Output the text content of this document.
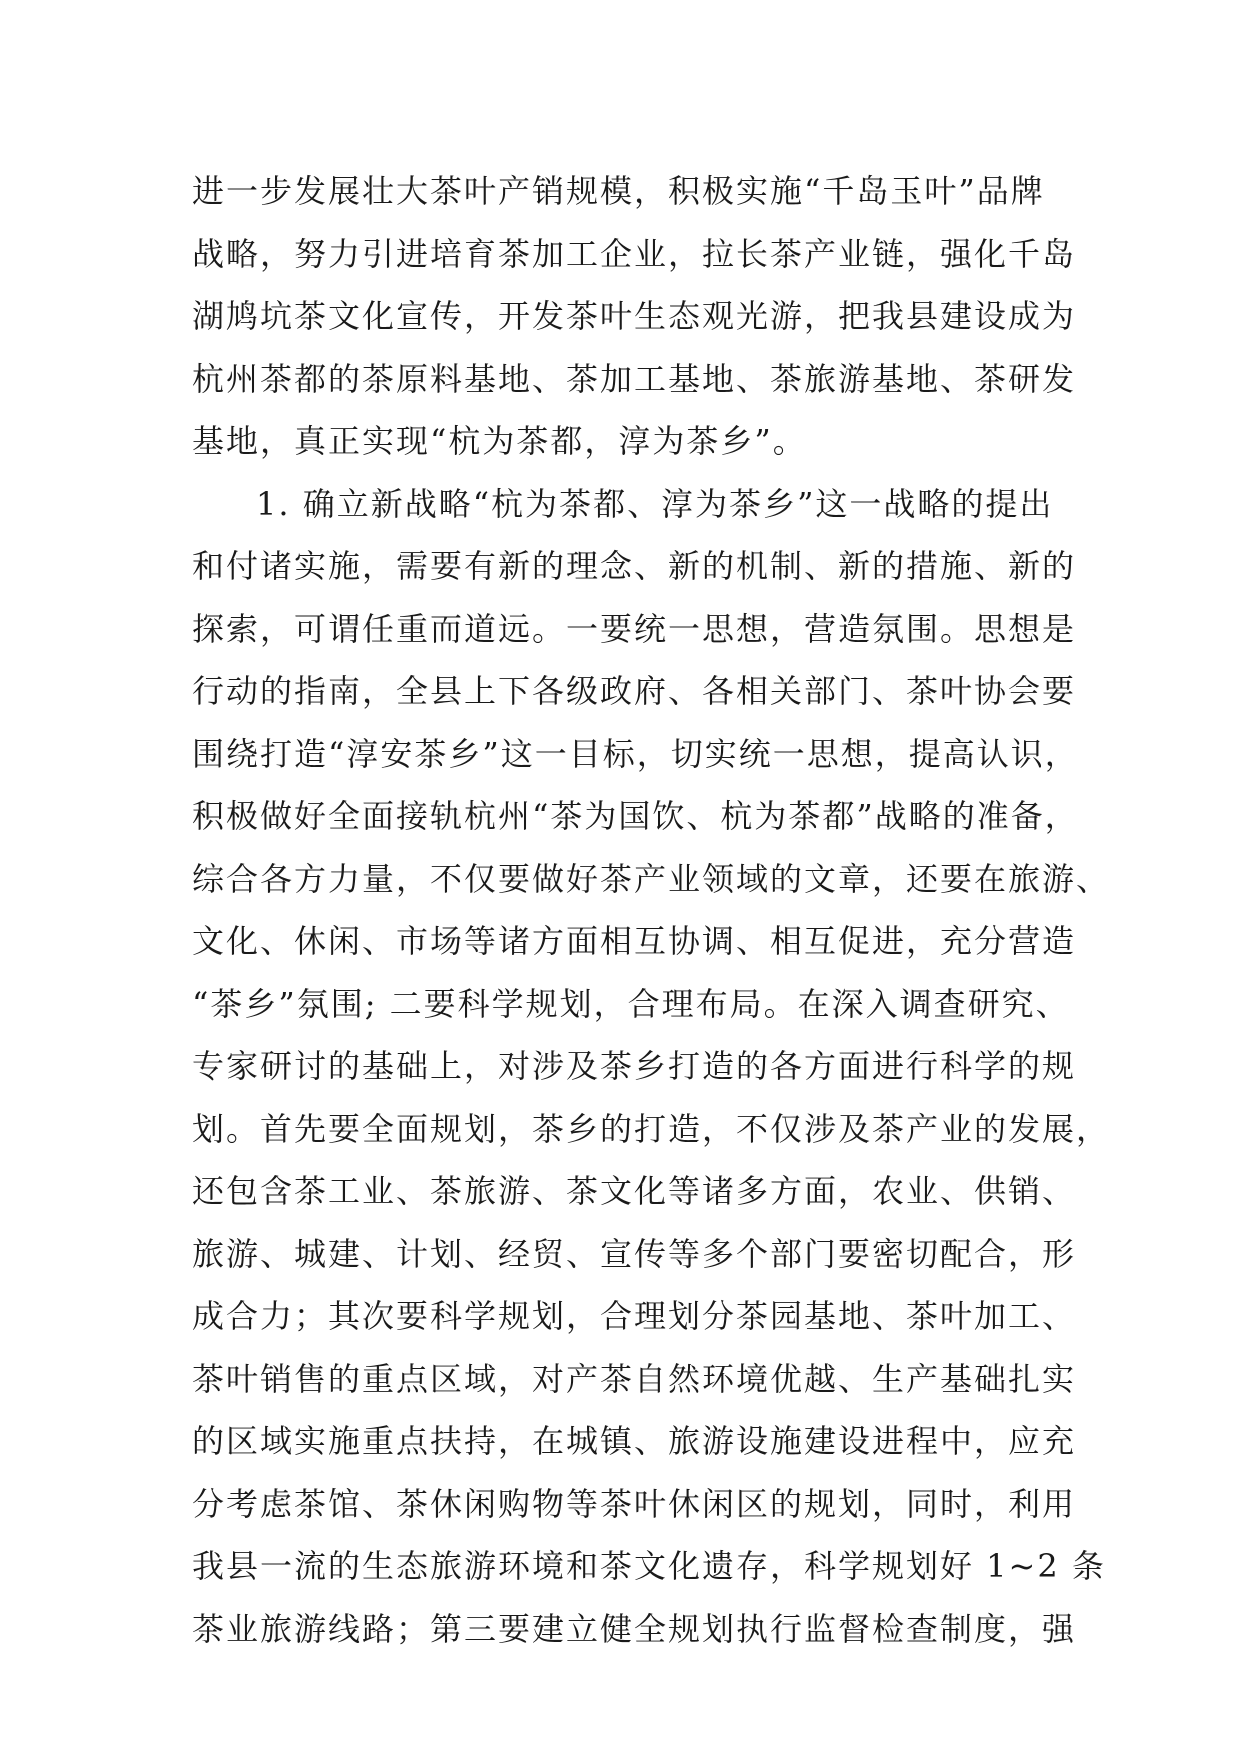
进一步发展壮大茶叶产销规模，积极实施“千岛玉叶”品牌
战略，努力引进培育茶加工企业，拉长茶产业链，强化千岛
湖鸠坑茶文化宣传，开发茶叶生态观光游，把我县建设成为
杭州茶都的茶原料基地、茶加工基地、茶旅游基地、茶研发
基地，真正实现“杭为茶都，淳为茶乡”。
1. 确立新战略“杭为茶都、淳为茶乡”这一战略的提出
和付诸实施，需要有新的理念、新的机制、新的措施、新的
探索，可谓任重而道远。一要统一思想，营造氛围。思想是
行动的指南，全县上下各级政府、各相关部门、茶叶协会要
围绕打造“淳安茶乡”这一目标，切实统一思想，提高认识，
积极做好全面接轨杭州“茶为国饮、杭为茶都”战略的准备，
综合各方力量，不仅要做好茶产业领域的文章，还要在旅游、
文化、休闲、市场等诸方面相互协调、相互促进，充分营造
“茶乡”氛围; 二要科学规划，合理布局。在深入调查研究、
专家研讨的基础上，对涉及茶乡打造的各方面进行科学的规
划。首先要全面规划，茶乡的打造，不仅涉及茶产业的发展，
还包含茶工业、茶旅游、茶文化等诸多方面，农业、供销、
旅游、城建、计划、经贸、宣传等多个部门要密切配合，形
成合力；其次要科学规划，合理划分茶园基地、茶叶加工、
茶叶销售的重点区域，对产茶自然环境优越、生产基础扎实
的区域实施重点扶持，在城镇、旅游设施建设进程中，应充
分考虑茶馆、茶休闲购物等茶叶休闲区的规划，同时，利用
我县一流的生态旅游环境和茶文化遗存，科学规划好 1~2 条
茶业旅游线路；第三要建立健全规划执行监督检查制度，强
